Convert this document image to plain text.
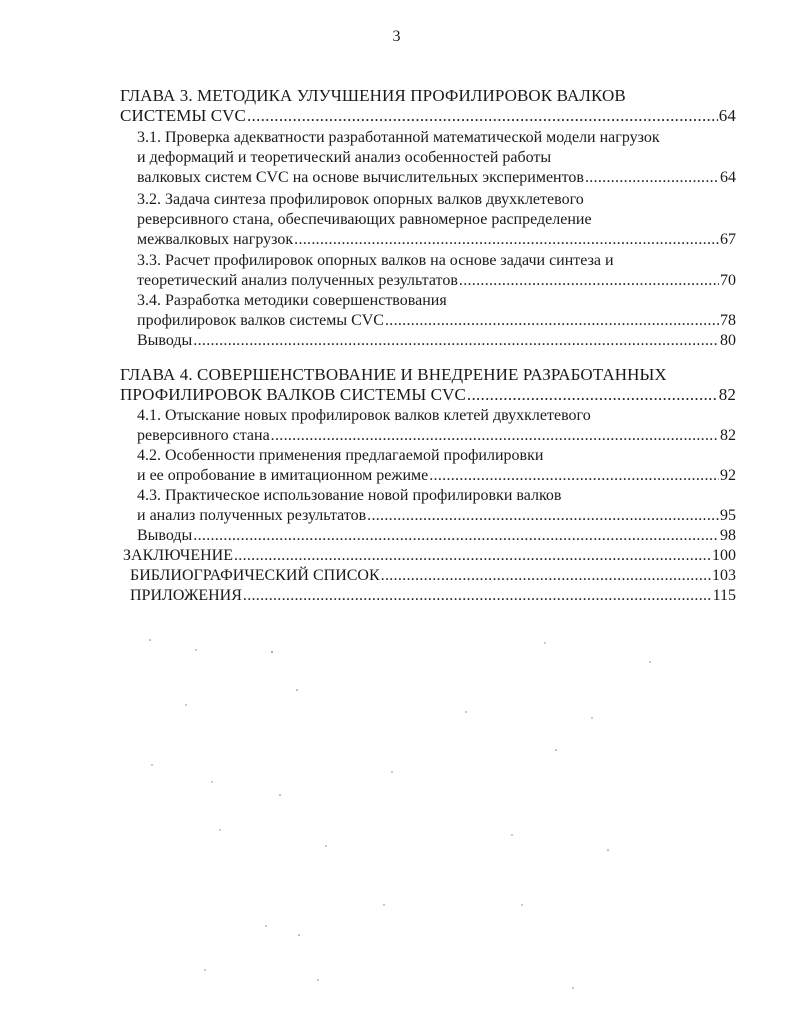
3
ГЛАВА 3. МЕТОДИКА УЛУЧШЕНИЯ ПРОФИЛИРОВОК ВАЛКОВ
СИСТЕМЫ CVC .....	64
3.1. Проверка адекватности разработанной математической модели нагрузок
и деформаций и теоретический анализ особенностей работы
валковых систем CVC на основе вычислительных экспериментов .....	64
3.2. Задача синтеза профилировок опорных валков двухклетевого
реверсивного стана, обеспечивающих равномерное распределение
межвалковых нагрузок .....	67
3.3. Расчет профилировок опорных валков на основе задачи синтеза и
теоретический анализ полученных результатов .....	70
3.4. Разработка методики совершенствования
профилировок валков системы CVC .....	78
Выводы .....	80
ГЛАВА 4. СОВЕРШЕНСТВОВАНИЕ И ВНЕДРЕНИЕ РАЗРАБОТАННЫХ
ПРОФИЛИРОВОК ВАЛКОВ СИСТЕМЫ CVC .....	82
4.1. Отыскание новых профилировок валков клетей двухклетевого
реверсивного стана .....	82
4.2. Особенности применения предлагаемой профилировки
и ее опробование в имитационном режиме .....	92
4.3. Практическое использование новой профилировки валков
и анализ полученных результатов .....	95
Выводы .....	98
ЗАКЛЮЧЕНИЕ .....	100
БИБЛИОГРАФИЧЕСКИЙ СПИСОК .....	103
ПРИЛОЖЕНИЯ .....	115
